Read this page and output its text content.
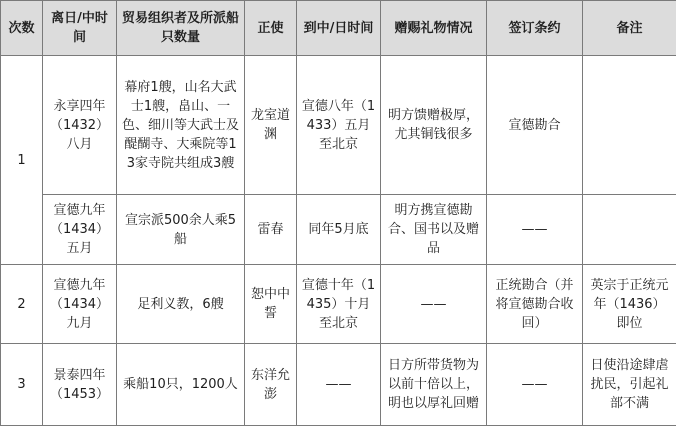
次数	离日/中时间	贸易组织者及所派船只数量	正使	到中/日时间	赠赐礼物情况	签订条约	备注
1	永享四年（1432）八月	幕府1艘，山名大武士1艘，畠山、一色、细川等大武士及醍醐寺、大乘院等13家寺院共组成3艘	龙室道渊	宣德八年（1433）五月至北京	明方馈赠极厚，尤其铜钱很多	宣德勘合	
	宣德九年（1434）五月	宣宗派500余人乘5船	雷春	同年5月底	明方携宣德勘合、国书以及赠品	——	
2	宣德九年（1434）九月	足利义教，6艘	恕中中誓	宣德十年（1435）十月至北京	——	正统勘合（并将宣德勘合收回）	英宗于正统元年（1436）即位
3	景泰四年（1453）	乘船10只，1200人	东洋允澎	——	日方所带货物为以前十倍以上，明也以厚礼回赠	——	日使沿途肆虐扰民，引起礼部不满
